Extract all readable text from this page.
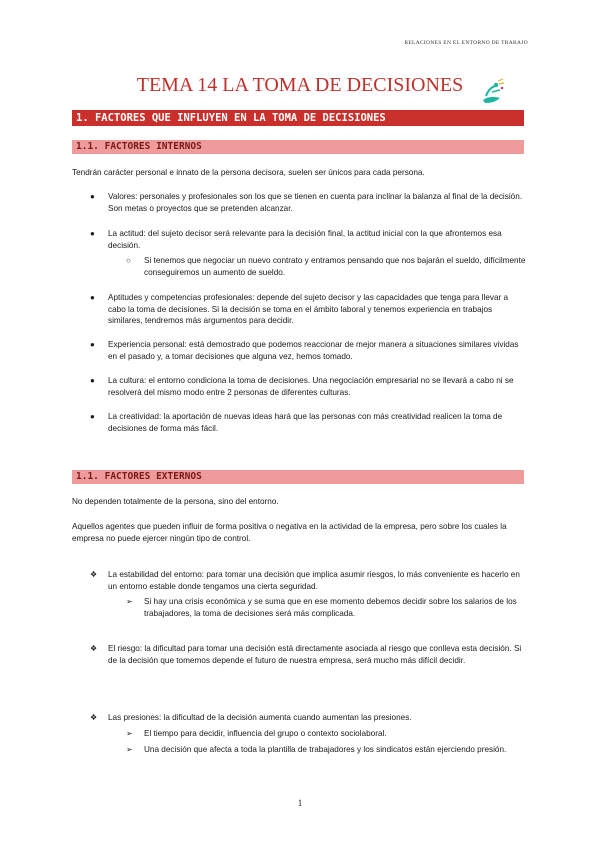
RELACIONES EN EL ENTORNO DE TRABAJO
TEMA 14 LA TOMA DE DECISIONES
1. FACTORES QUE INFLUYEN EN LA TOMA DE DECISIONES
1.1. FACTORES INTERNOS

Tendrán carácter personal e innato de la persona decisora, suelen ser únicos para cada persona.

● Valores: personales y profesionales son los que se tienen en cuenta para inclinar la balanza al final de la decisión. Son metas o proyectos que se pretenden alcanzar.

● La actitud: del sujeto decisor será relevante para la decisión final, la actitud inicial con la que afrontemos esa decisión.

○ Si tenemos que negociar un nuevo contrato y entramos pensando que nos bajarán el sueldo, difícilmente conseguiremos un aumento de sueldo.

● Aptitudes y competencias profesionales: depende del sujeto decisor y las capacidades que tenga para llevar a cabo la toma de decisiones. Si la decisión se toma en el ámbito laboral y tenemos experiencia en trabajos similares, tendremos más argumentos para decidir.

● Experiencia personal: está demostrado que podemos reaccionar de mejor manera a situaciones similares vividas en el pasado y, a tomar decisiones que alguna vez, hemos tomado.

● La cultura: el entorno condiciona la toma de decisiones. Una negociación empresarial no se llevará a cabo ni se resolverá del mismo modo entre 2 personas de diferentes culturas.

● La creatividad: la aportación de nuevas ideas hará que las personas con más creatividad realicen la toma de decisiones de forma más fácil.

1.1. FACTORES EXTERNOS

No dependen totalmente de la persona, sino del entorno.

Aquellos agentes que pueden influir de forma positiva o negativa en la actividad de la empresa, pero sobre los cuales la empresa no puede ejercer ningún tipo de control.

❖ La estabilidad del entorno: para tomar una decisión que implica asumir riesgos, lo más conveniente es hacerlo en un entorno estable donde tengamos una cierta seguridad.

➢ Si hay una crisis económica y se suma que en ese momento debemos decidir sobre los salarios de los trabajadores, la toma de decisiones será más complicada.

❖ El riesgo: la dificultad para tomar una decisión está directamente asociada al riesgo que conlleva esta decisión. Si de la decisión que tomemos depende el futuro de nuestra empresa, será mucho más difícil decidir.

❖ Las presiones: la dificultad de la decisión aumenta cuando aumentan las presiones.

➢ El tiempo para decidir, influencia del grupo o contexto sociolaboral.

➢ Una decisión que afecta a toda la plantilla de trabajadores y los sindicatos están ejerciendo presión.

1
